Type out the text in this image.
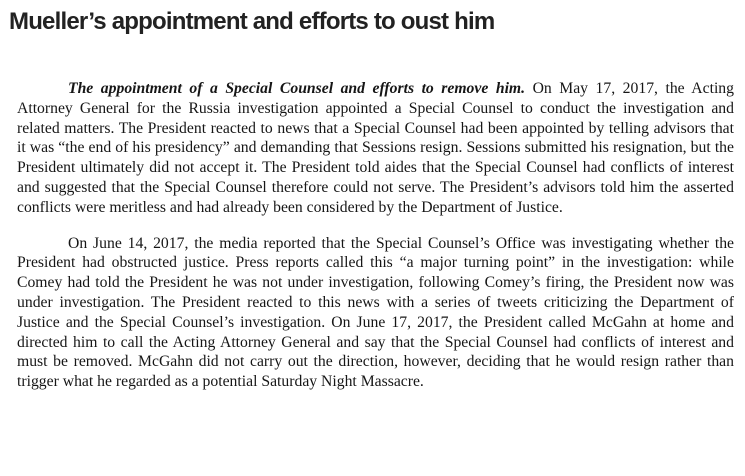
Mueller’s appointment and efforts to oust him

The appointment of a Special Counsel and efforts to remove him. On May 17, 2017, the Acting Attorney General for the Russia investigation appointed a Special Counsel to conduct the investigation and related matters. The President reacted to news that a Special Counsel had been appointed by telling advisors that it was “the end of his presidency” and demanding that Sessions resign. Sessions submitted his resignation, but the President ultimately did not accept it. The President told aides that the Special Counsel had conflicts of interest and suggested that the Special Counsel therefore could not serve. The President’s advisors told him the asserted conflicts were meritless and had already been considered by the Department of Justice.

On June 14, 2017, the media reported that the Special Counsel’s Office was investigating whether the President had obstructed justice. Press reports called this “a major turning point” in the investigation: while Comey had told the President he was not under investigation, following Comey’s firing, the President now was under investigation. The President reacted to this news with a series of tweets criticizing the Department of Justice and the Special Counsel’s investigation. On June 17, 2017, the President called McGahn at home and directed him to call the Acting Attorney General and say that the Special Counsel had conflicts of interest and must be removed. McGahn did not carry out the direction, however, deciding that he would resign rather than trigger what he regarded as a potential Saturday Night Massacre.
